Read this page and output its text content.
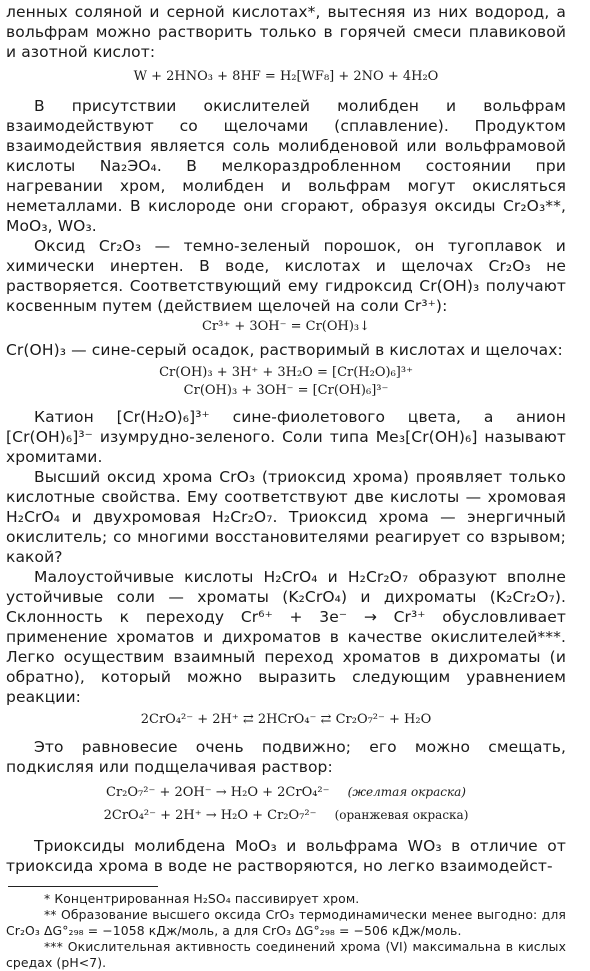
ленных соляной и серной кислотах*, вытесняя из них водород, а вольфрам можно растворить только в горячей смеси плавиковой и азотной кислот:

W + 2HNO₃ + 8HF = H₂[WF₈] + 2NO + 4H₂O

В присутствии окислителей молибден и вольфрам взаимодействуют со щелочами (сплавление). Продуктом взаимодействия является соль молибденовой или вольфрамовой кислоты Na₂ЭO₄. В мелкораздробленном состоянии при нагревании хром, молибден и вольфрам могут окисляться неметаллами. В кислороде они сгорают, образуя оксиды Cr₂O₃**, MoO₃, WO₃.

Оксид Cr₂O₃ — темно-зеленый порошок, он тугоплавок и химически инертен. В воде, кислотах и щелочах Cr₂O₃ не растворяется. Соответствующий ему гидроксид Cr(OH)₃ получают косвенным путем (действием щелочей на соли Cr³⁺):

Cr³⁺ + 3OH⁻ = Cr(OH)₃↓

Cr(OH)₃ — сине-серый осадок, растворимый в кислотах и щелочах:

Cr(OH)₃ + 3H⁺ + 3H₂O = [Cr(H₂O)₆]³⁺
Cr(OH)₃ + 3OH⁻ = [Cr(OH)₆]³⁻

Катион [Cr(H₂O)₆]³⁺ сине-фиолетового цвета, а анион [Cr(OH)₆]³⁻ изумрудно-зеленого. Соли типа Me₃[Cr(OH)₆] называют хромитами.

Высший оксид хрома CrO₃ (триоксид хрома) проявляет только кислотные свойства. Ему соответствуют две кислоты — хромовая H₂CrO₄ и двухромовая H₂Cr₂O₇. Триоксид хрома — энергичный окислитель; со многими восстановителями реагирует со взрывом; какой?

Малоустойчивые кислоты H₂CrO₄ и H₂Cr₂O₇ образуют вполне устойчивые соли — хроматы (K₂CrO₄) и дихроматы (K₂Cr₂O₇). Склонность к переходу Cr⁶⁺ + 3e⁻ → Cr³⁺ обусловливает применение хроматов и дихроматов в качестве окислителей***. Легко осуществим взаимный переход хроматов в дихроматы (и обратно), который можно выразить следующим уравнением реакции:

2CrO₄²⁻ + 2H⁺ ⇄ 2HCrO₄⁻ ⇄ Cr₂O₇²⁻ + H₂O

Это равновесие очень подвижно; его можно смещать, подкисляя или подщелачивая раствор:

Cr₂O₇²⁻ + 2OH⁻ → H₂O + 2CrO₄²⁻ (желтая окраска)
2CrO₄²⁻ + 2H⁺ → H₂O + Cr₂O₇²⁻ (оранжевая окраска)

Триоксиды молибдена MoO₃ и вольфрама WO₃ в отличие от триоксида хрома в воде не растворяются, но легко взаимодейст-

* Концентрированная H₂SO₄ пассивирует хром.

** Образование высшего оксида CrO₃ термодинамически менее выгодно: для Cr₂O₃ ΔG°₂₉₈ = −1058 кДж/моль, а для CrO₃ ΔG°₂₉₈ = −506 кДж/моль.

*** Окислительная активность соединений хрома (VI) максимальна в кислых средах (pH<7).
